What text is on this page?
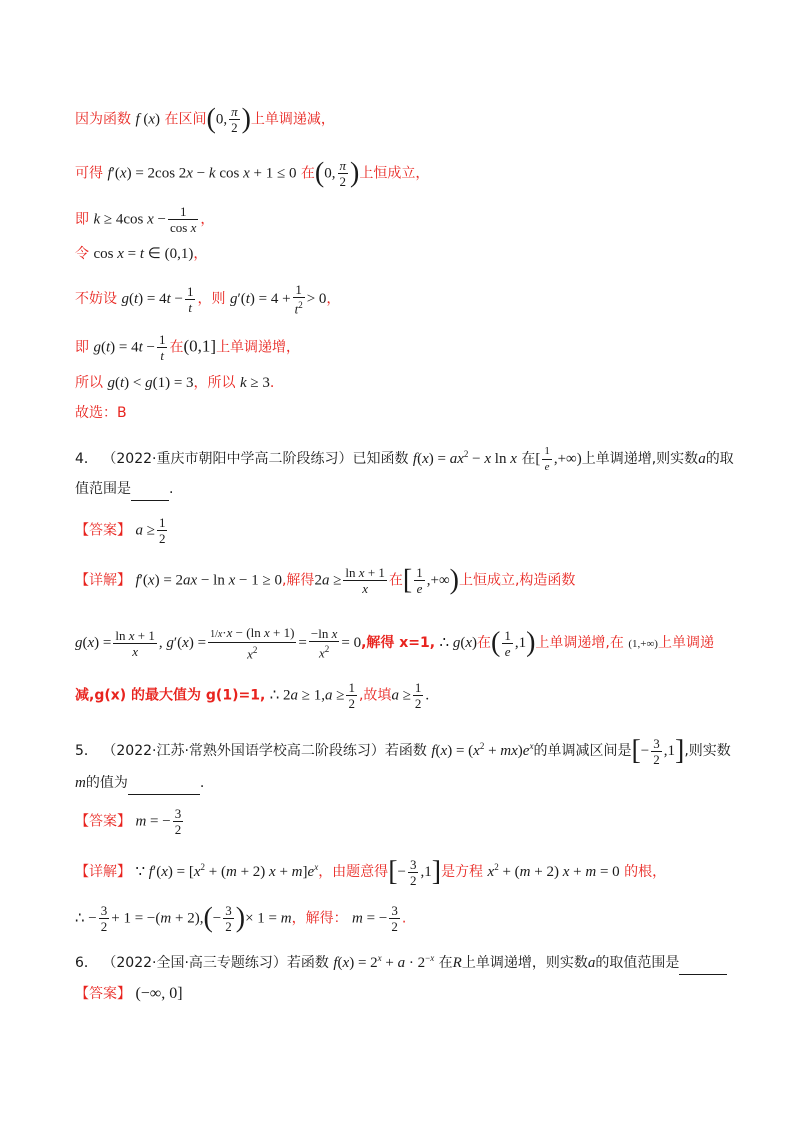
因为函数 f (x) 在区间(0, $\frac{\pi}{2}$ )上单调递减，
可得 f′(x) = 2cos 2x − k cos x + 1 ≤ 0 在(0, $\frac{\pi}{2}$ )上恒成立，
即 k ≥ 4cos $x - \frac{1}{\text{cos x}}$ ，
令 cos x = t ∈ (0,1)，
不妨设 $g(t) = 4t - \frac{1}{t}$ ，则 $g'(t) = 4 + \frac{1}{t^2} > 0$，
即 $g(t) = 4t - \frac{1}{t}$ 在(0,1]上单调递增，
所以 g(t) < g(1) = 3，所以 k ≥ 3.
故选：B
4． （2022·重庆市朝阳中学高二阶段练习）已知函数 $f(x) = ax^2 - x$ ln x 在[ $\frac{1}{e}$ ,+∞)上单调递增,则实数a的取
值范围是	.
【答案】 $a \ge \frac{1}{2}$
【详解】 f′(x) = 2ax − ln x − 1 ≥ 0,解得$2a \ge \frac{\text{ln x + 1}}{x}$ 在[ $\frac{1}{e}$ ,+∞)上恒成立,构造函数
$g(x) = \frac{\text{ln x + 1}}{x}$ , $g'(x) = \frac{\text{1/x·x − (ln x + 1)}}{x^2} = \frac{\text{−ln x}}{x^2} = 0$,解得 x=1, ∴ g(x)在( $\frac{1}{e} ,1$)上单调递增,在 (1,+∞)上单调递
减,g(x) 的最大值为 g(1)=1, ∴ $2a \ge 1,a \ge \frac{1}{2}$ ,故填$a \ge \frac{1}{2}$ .
5． （2022·江苏·常熟外国语学校高二阶段练习）若函数 $f(x) = (x^2 + mx)e^x$的单调减区间是[− $\frac{3}{2} ,1$],则实数
m的值为	.
【答案】 m = − $\frac{3}{2}$
【详解】 ∵ $f'(x) = [x^2 + (m + 2) x + m]e^x$，由题意得[− $\frac{3}{2} ,1$]是方程 $x^2 + (m + 2) x + m = 0$ 的根，
∴ − $\frac{3}{2} + 1 = -(m + 2),(- \frac{3}{2}$ )× 1 = m，解得： m = − $\frac{3}{2}$ .
6． （2022·全国·高三专题练习）若函数 $f(x) = 2^x + a \cdot 2^{-x}$ 在R上单调递增，则实数a的取值范围是
【答案】 (−∞, 0]
